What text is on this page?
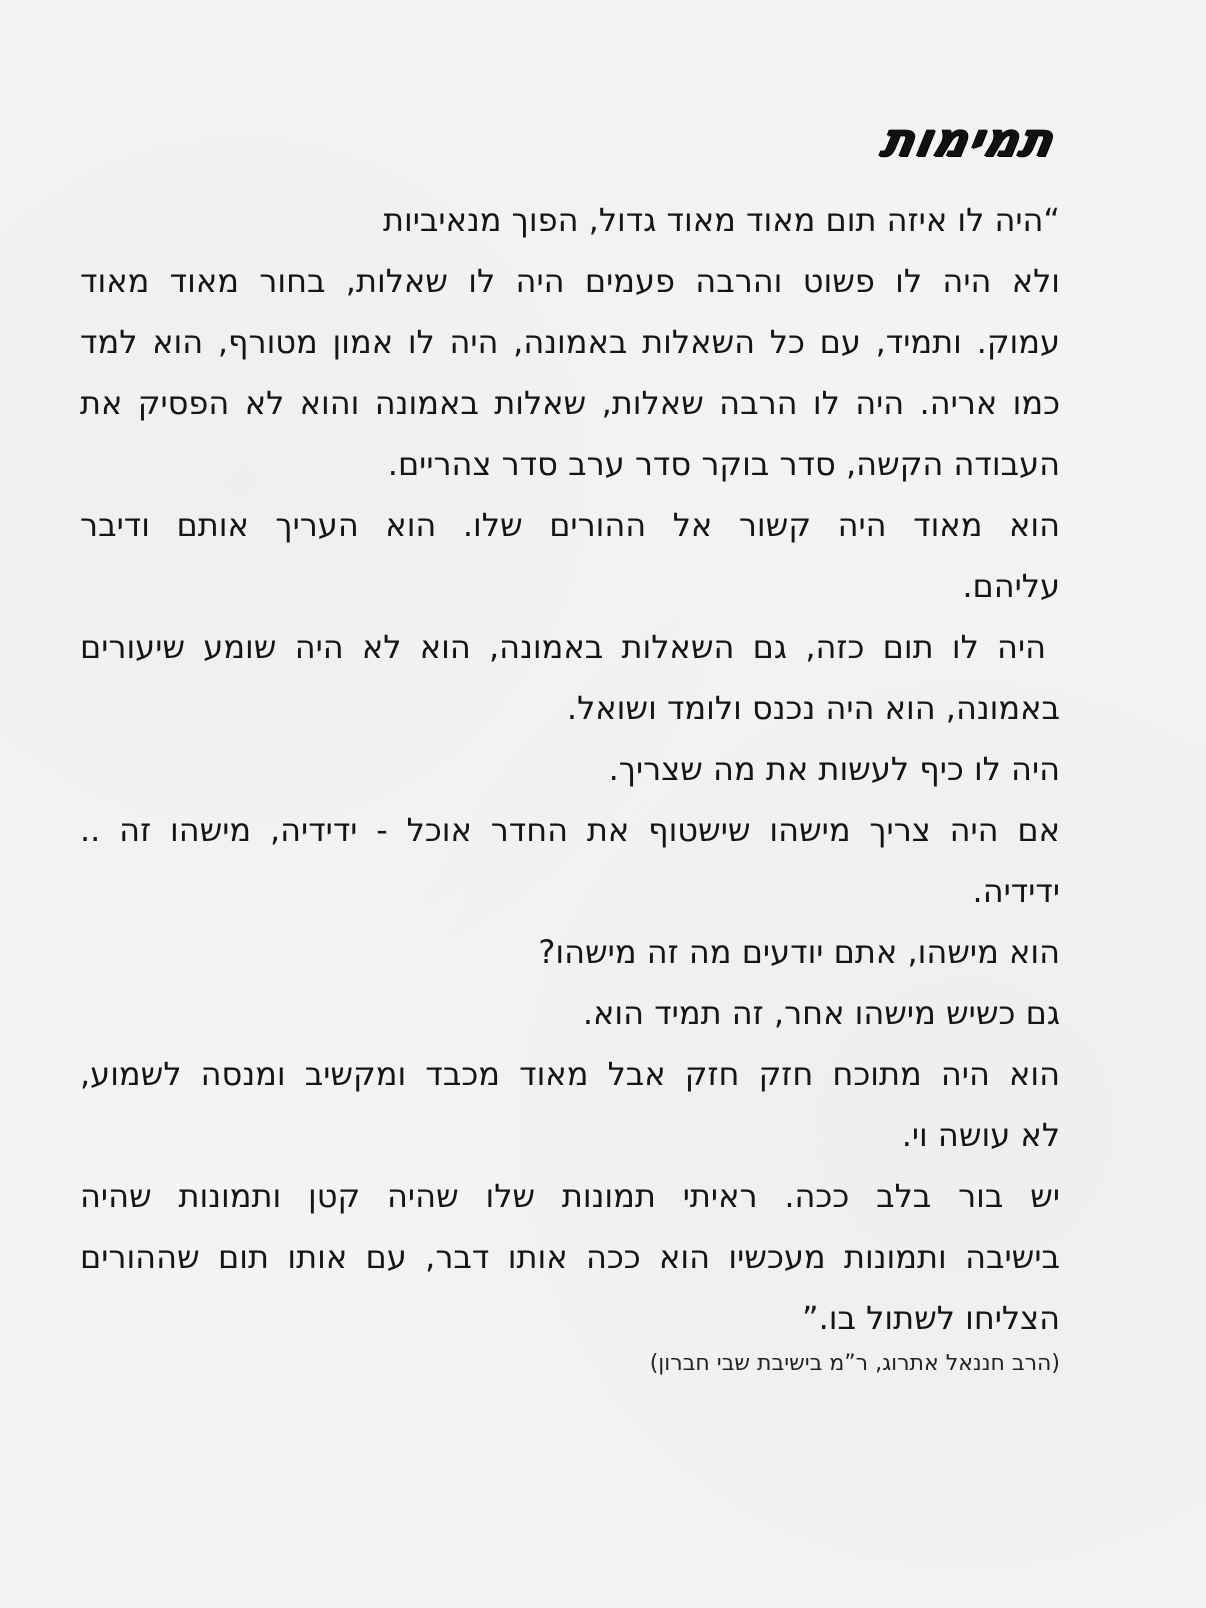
תמימות
“היה לו איזה תום מאוד מאוד גדול, הפוך מנאיביות
ולא היה לו פשוט והרבה פעמים היה לו שאלות, בחור מאוד מאוד
עמוק. ותמיד, עם כל השאלות באמונה, היה לו אמון מטורף, הוא למד
כמו אריה. היה לו הרבה שאלות, שאלות באמונה והוא לא הפסיק את
העבודה הקשה, סדר בוקר סדר ערב סדר צהריים.
הוא מאוד היה קשור אל ההורים שלו. הוא העריך אותם ודיבר
עליהם.
היה לו תום כזה, גם השאלות באמונה, הוא לא היה שומע שיעורים
באמונה, הוא היה נכנס ולומד ושואל.
היה לו כיף לעשות את מה שצריך.
אם היה צריך מישהו שישטוף את החדר אוכל - ידידיה, מישהו זה ..
ידידיה.
הוא מישהו, אתם יודעים מה זה מישהו?
גם כשיש מישהו אחר, זה תמיד הוא.
הוא היה מתוכח חזק חזק אבל מאוד מכבד ומקשיב ומנסה לשמוע,
לא עושה וי.
יש בור בלב ככה. ראיתי תמונות שלו שהיה קטן ותמונות שהיה
בישיבה ותמונות מעכשיו הוא ככה אותו דבר, עם אותו תום שההורים
הצליחו לשתול בו.”
(הרב חננאל אתרוג, ר”מ בישיבת שבי חברון)
